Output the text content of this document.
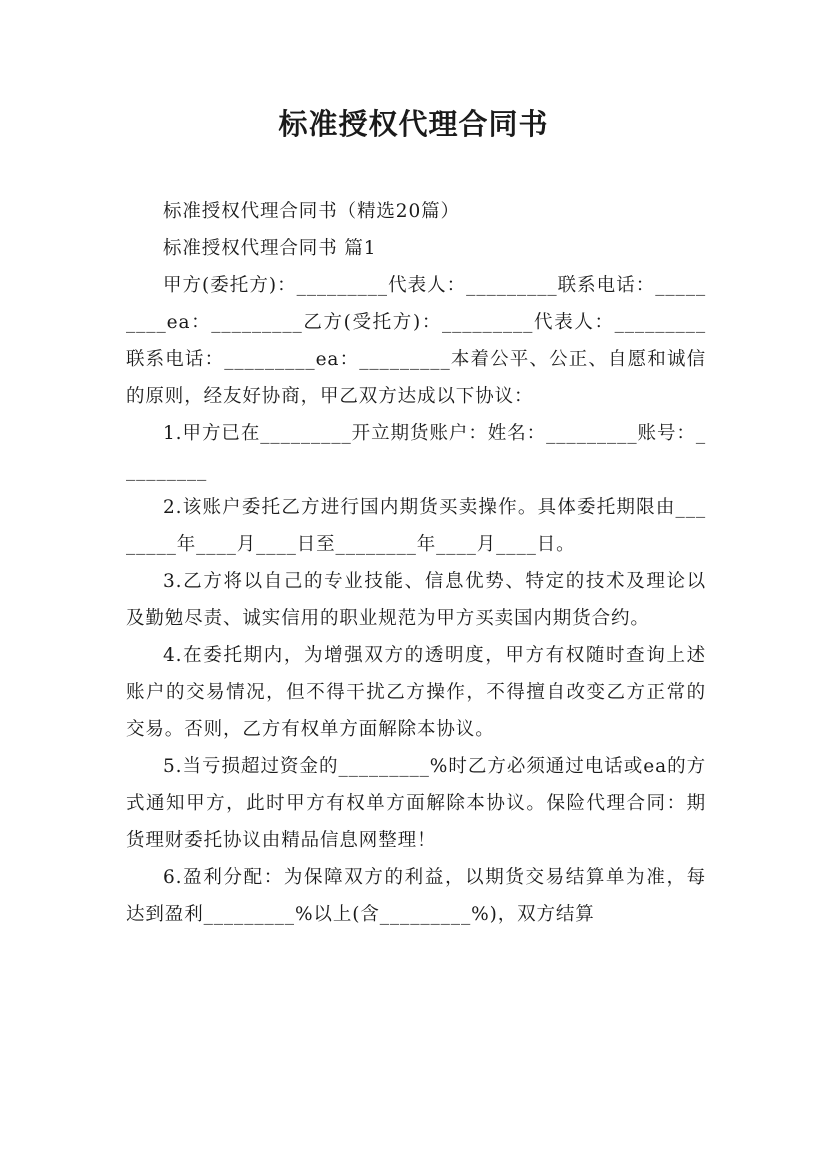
标准授权代理合同书

标准授权代理合同书（精选20篇）

标准授权代理合同书 篇1

甲方(委托方)：_________代表人：_________联系电话：_________ea：_________乙方(受托方)：_________代表人：_________联系电话：_________ea：_________本着公平、公正、自愿和诚信的原则，经友好协商，甲乙双方达成以下协议：

1.甲方已在_________开立期货账户：姓名：_________账号：_________

2.该账户委托乙方进行国内期货买卖操作。具体委托期限由________年____月____日至________年____月____日。

3.乙方将以自己的专业技能、信息优势、特定的技术及理论以及勤勉尽责、诚实信用的职业规范为甲方买卖国内期货合约。

4.在委托期内，为增强双方的透明度，甲方有权随时查询上述账户的交易情况，但不得干扰乙方操作，不得擅自改变乙方正常的交易。否则，乙方有权单方面解除本协议。

5.当亏损超过资金的_________%时乙方必须通过电话或ea的方式通知甲方，此时甲方有权单方面解除本协议。保险代理合同：期货理财委托协议由精品信息网整理！

6.盈利分配：为保障双方的利益，以期货交易结算单为准，每达到盈利_________%以上(含_________%)，双方结算
